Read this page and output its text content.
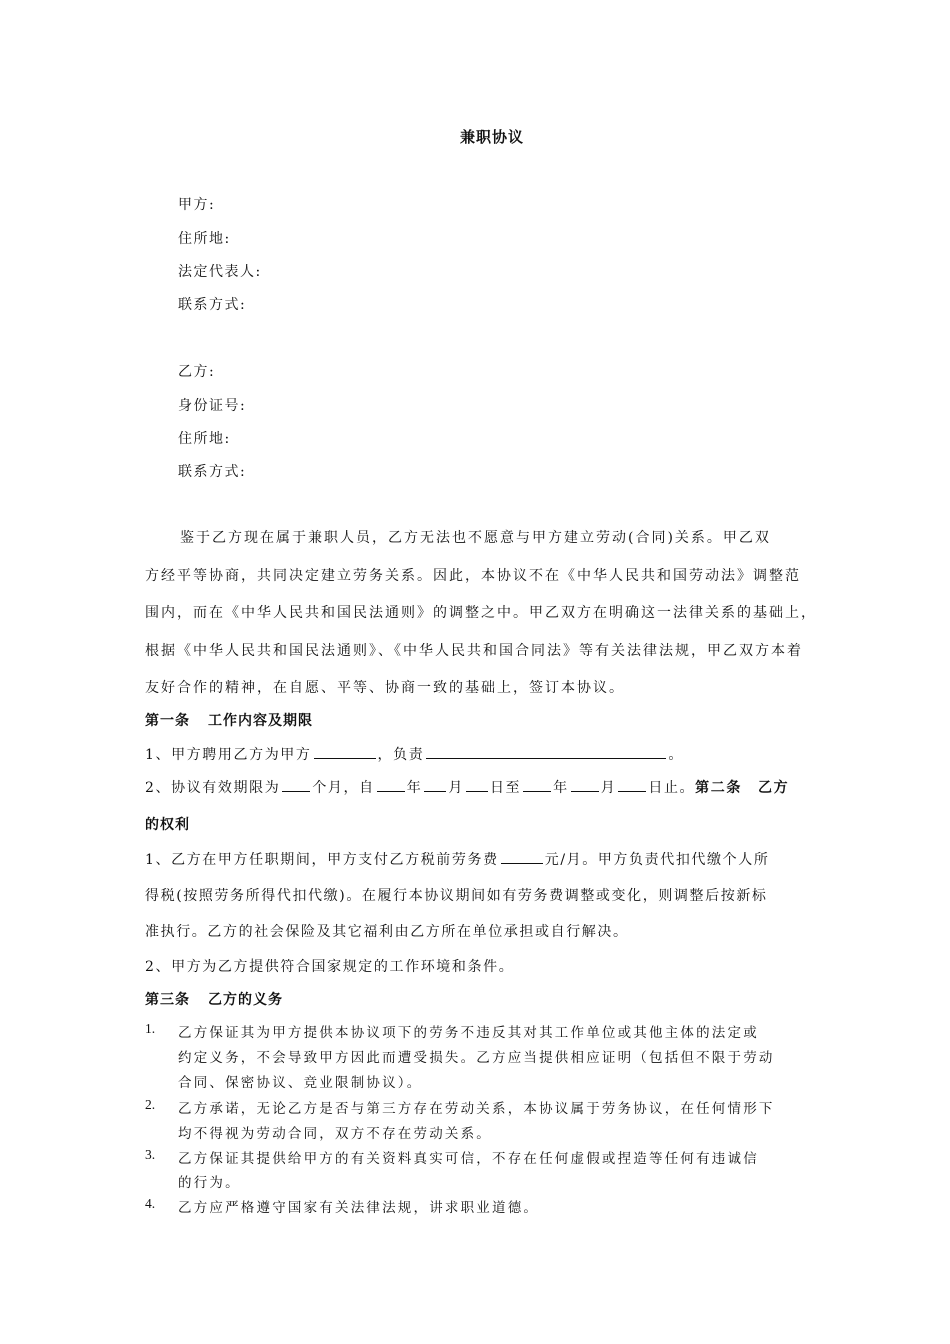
兼职协议
甲方:
住所地:
法定代表人:
联系方式:
乙方:
身份证号:
住所地:
联系方式:
鉴于乙方现在属于兼职人员，乙方无法也不愿意与甲方建立劳动(合同)关系。甲乙双
方经平等协商，共同决定建立劳务关系。因此，本协议不在《中华人民共和国劳动法》调整范
围内，而在《中华人民共和国民法通则》的调整之中。甲乙双方在明确这一法律关系的基础上，
根据《中华人民共和国民法通则》、《中华人民共和国合同法》等有关法律法规，甲乙双方本着
友好合作的精神，在自愿、平等、协商一致的基础上，签订本协议。
第一条 工作内容及期限
1、甲方聘用乙方为甲方	，负责	。
2、协议有效期限为 个月，自 年 月 日至 年 月 日止。第二条 乙方
的权利
1、乙方在甲方任职期间，甲方支付乙方税前劳务费	元/月。甲方负责代扣代缴个人所
得税(按照劳务所得代扣代缴)。在履行本协议期间如有劳务费调整或变化，则调整后按新标
准执行。乙方的社会保险及其它福利由乙方所在单位承担或自行解决。
2、甲方为乙方提供符合国家规定的工作环境和条件。
第三条 乙方的义务
1. 乙方保证其为甲方提供本协议项下的劳务不违反其对其工作单位或其他主体的法定或
约定义务，不会导致甲方因此而遭受损失。乙方应当提供相应证明（包括但不限于劳动
合同、保密协议、竞业限制协议）。
2. 乙方承诺，无论乙方是否与第三方存在劳动关系，本协议属于劳务协议，在任何情形下
均不得视为劳动合同，双方不存在劳动关系。
3. 乙方保证其提供给甲方的有关资料真实可信，不存在任何虚假或捏造等任何有违诚信
的行为。
4. 乙方应严格遵守国家有关法律法规，讲求职业道德。
